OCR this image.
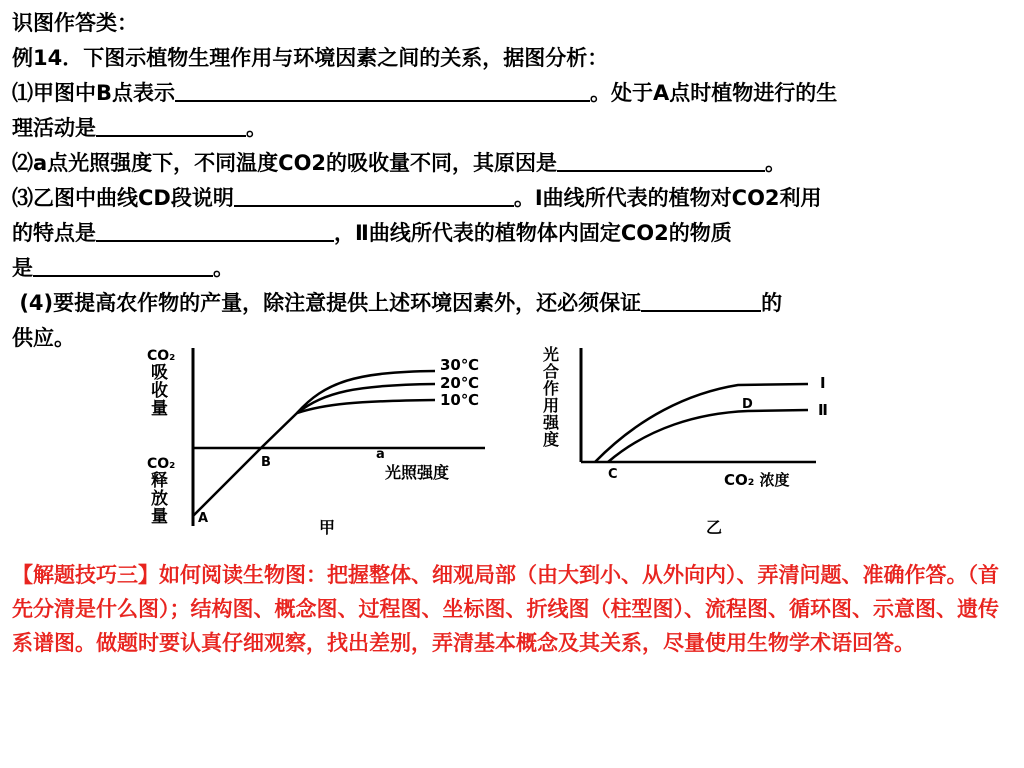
识图作答类：

例14．下图示植物生理作用与环境因素之间的关系，据图分析：

⑴甲图中B点表示	。处于A点时植物进行的生

理活动是	。

⑵a点光照强度下，不同温度CO2的吸收量不同，其原因是	。

⑶乙图中曲线CD段说明	。Ⅰ曲线所代表的植物对CO2利用

的特点是	，Ⅱ曲线所代表的植物体内固定CO2的物质

是	。

(4)要提高农作物的产量，除注意提供上述环境因素外，还必须保证	的

供应。

CO₂
吸
收
量
CO₂
释
放
量
30℃
20℃
10℃
A
B
a
光照强度
甲
光
合
作
用
强
度
Ⅰ
Ⅱ
C
D
CO₂ 浓度
乙
【解题技巧三】如何阅读生物图：把握整体、细观局部（由大到小、从外向内）、弄清问题、准确作答。（首先分清是什么图）；结构图、概念图、过程图、坐标图、折线图（柱型图）、流程图、循环图、示意图、遗传系谱图。做题时要认真仔细观察，找出差别，弄清基本概念及其关系，尽量使用生物学术语回答。
